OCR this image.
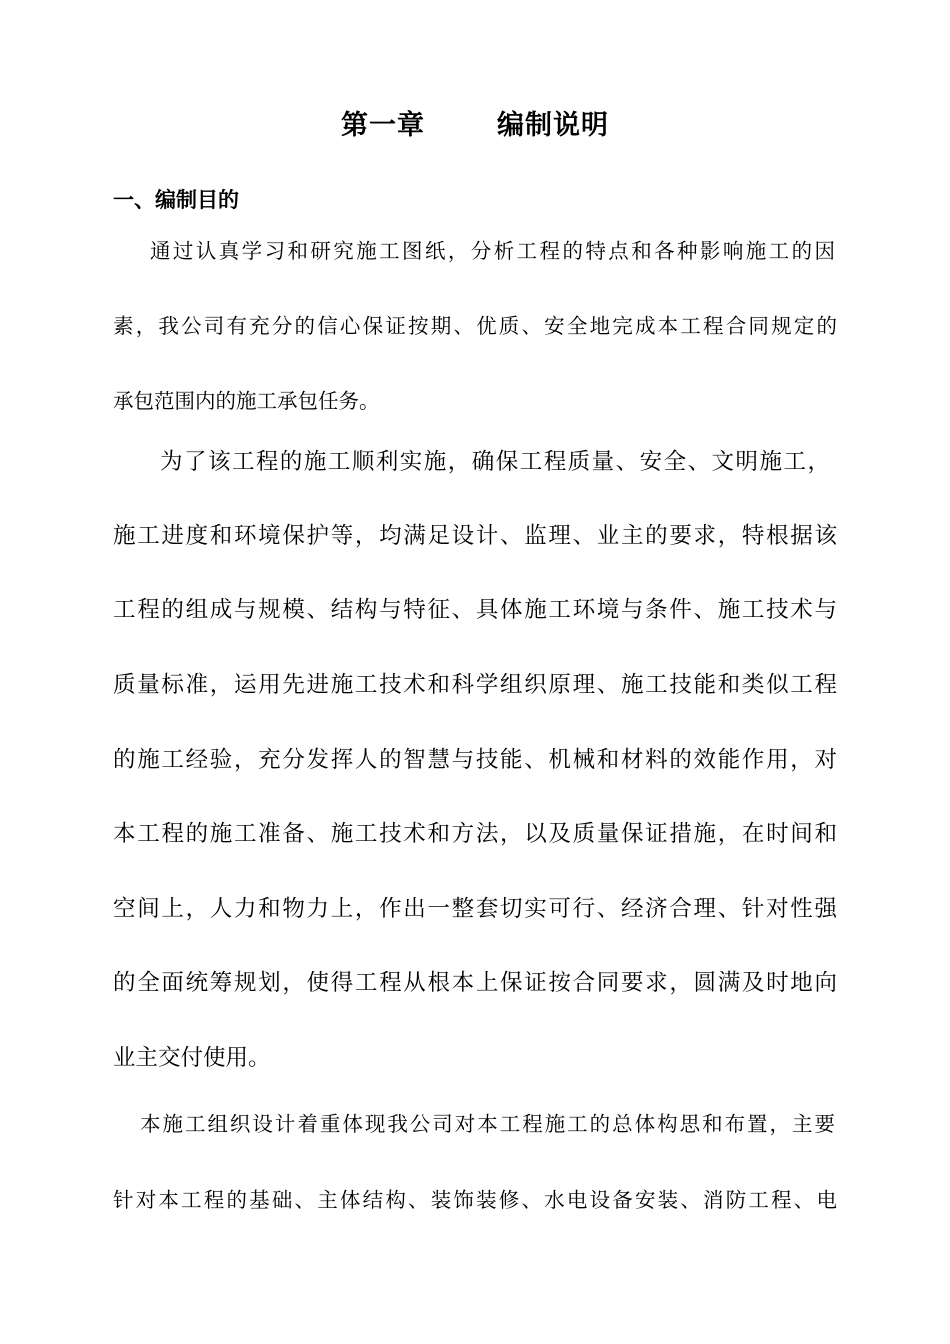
第一章	编制说明
一、编制目的
通过认真学习和研究施工图纸，分析工程的特点和各种影响施工的因
素，我公司有充分的信心保证按期、优质、安全地完成本工程合同规定的
承包范围内的施工承包任务。
为了该工程的施工顺利实施，确保工程质量、安全、文明施工，
施工进度和环境保护等，均满足设计、监理、业主的要求，特根据该
工程的组成与规模、结构与特征、具体施工环境与条件、施工技术与
质量标准，运用先进施工技术和科学组织原理、施工技能和类似工程
的施工经验，充分发挥人的智慧与技能、机械和材料的效能作用，对
本工程的施工准备、施工技术和方法，以及质量保证措施，在时间和
空间上，人力和物力上，作出一整套切实可行、经济合理、针对性强
的全面统筹规划，使得工程从根本上保证按合同要求，圆满及时地向
业主交付使用。
本施工组织设计着重体现我公司对本工程施工的总体构思和布置，主要
针对本工程的基础、主体结构、装饰装修、水电设备安装、消防工程、电
